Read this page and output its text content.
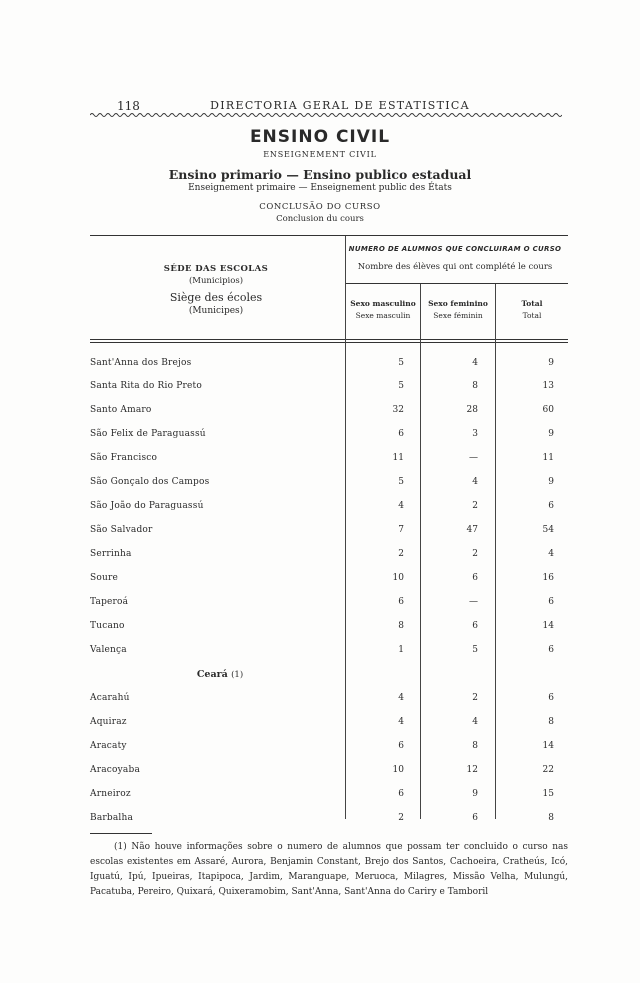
118	DIRECTORIA GERAL DE ESTATISTICA
ENSINO CIVIL
ENSEIGNEMENT CIVIL
Ensino primario — Ensino publico estadual
Enseignement primaire — Enseignement public des États
CONCLUSÃO DO CURSO
Conclusion du cours
SÉDE DAS ESCOLAS
(Municipios)
Siège des écoles
(Municipes)
NUMERO DE ALUMNOS QUE CONCLUIRAM O CURSO
Nombre des élèves qui ont complété le cours
Sexo masculino
Sexe masculin
Sexo feminino
Sexe féminin
Total
Total
Sant'Anna dos Brejos	5	4	9
Santa Rita do Rio Preto	5	8	13
Santo Amaro	32	28	60
São Felix de Paraguassú	6	3	9
São Francisco	11	—	11
São Gonçalo dos Campos	5	4	9
São João do Paraguassú	4	2	6
São Salvador	7	47	54
Serrinha	2	2	4
Soure	10	6	16
Taperoá	6	—	6
Tucano	8	6	14
Valença	1	5	6
Ceará (1)
Acarahú	4	2	6
Aquiraz	4	4	8
Aracaty	6	8	14
Aracoyaba	10	12	22
Arneiroz	6	9	15
Barbalha	2	6	8
(1) Não houve informações sobre o numero de alumnos que possam ter concluido o curso nas escolas existentes em Assaré, Aurora, Benjamin Constant, Brejo dos Santos, Cachoeira, Cratheús, Icó, Iguatú, Ipú, Ipueiras, Itapipoca, Jardim, Maranguape, Meruoca, Milagres, Missão Velha, Mulungú, Pacatuba, Pereiro, Quixará, Quixeramobim, Sant'Anna, Sant'Anna do Cariry e Tamboril
